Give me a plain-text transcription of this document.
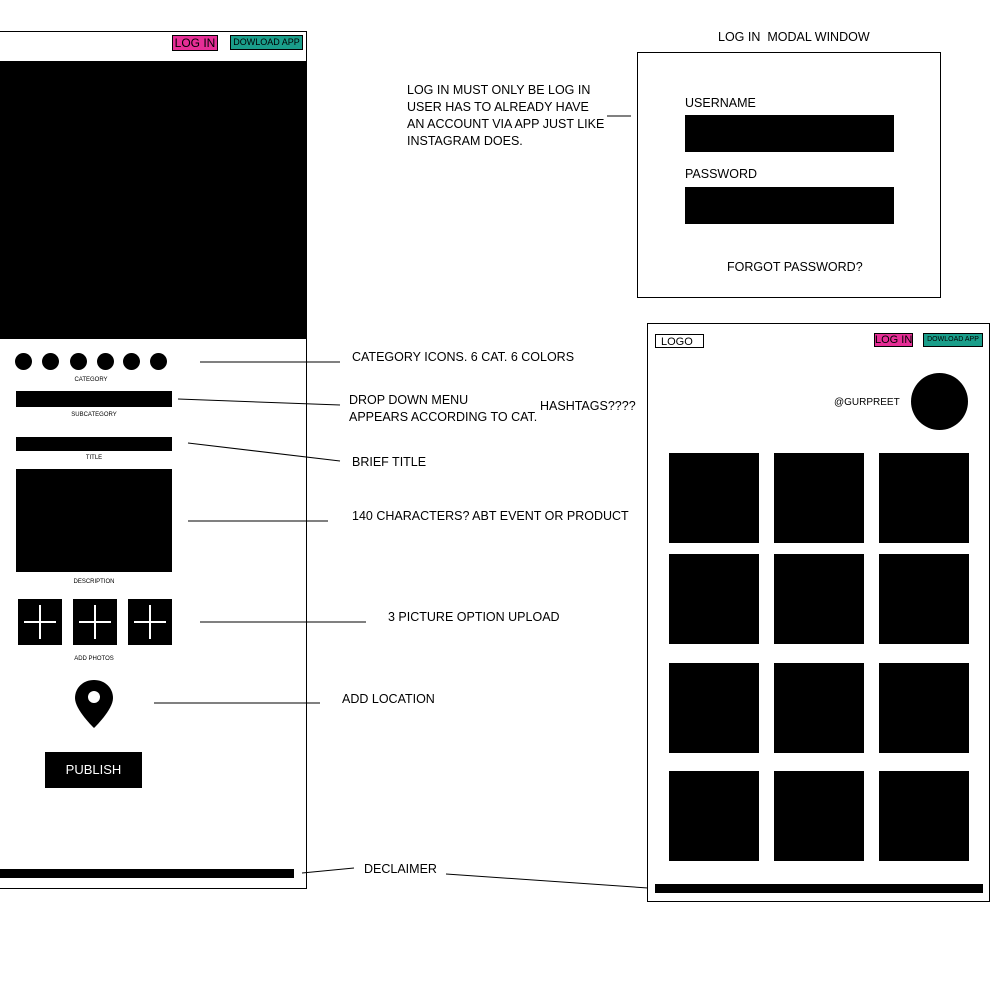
LOG IN	DOWLOAD APP
CATEGORY
SUBCATEGORY
TITLE
DESCRIPTION
ADD PHOTOS
PUBLISH
LOG IN MUST ONLY BE LOG IN
USER HAS TO ALREADY HAVE
AN ACCOUNT VIA APP JUST LIKE
INSTAGRAM DOES.
CATEGORY ICONS. 6 CAT. 6 COLORS
DROP DOWN MENU
APPEARS ACCORDING TO CAT.
HASHTAGS????
BRIEF TITLE
140 CHARACTERS? ABT EVENT OR PRODUCT
3 PICTURE OPTION UPLOAD
ADD LOCATION
DECLAIMER
LOG IN  MODAL WINDOW
USERNAME
PASSWORD
FORGOT PASSWORD?
LOGO	LOG IN	DOWLOAD APP
@GURPREET
